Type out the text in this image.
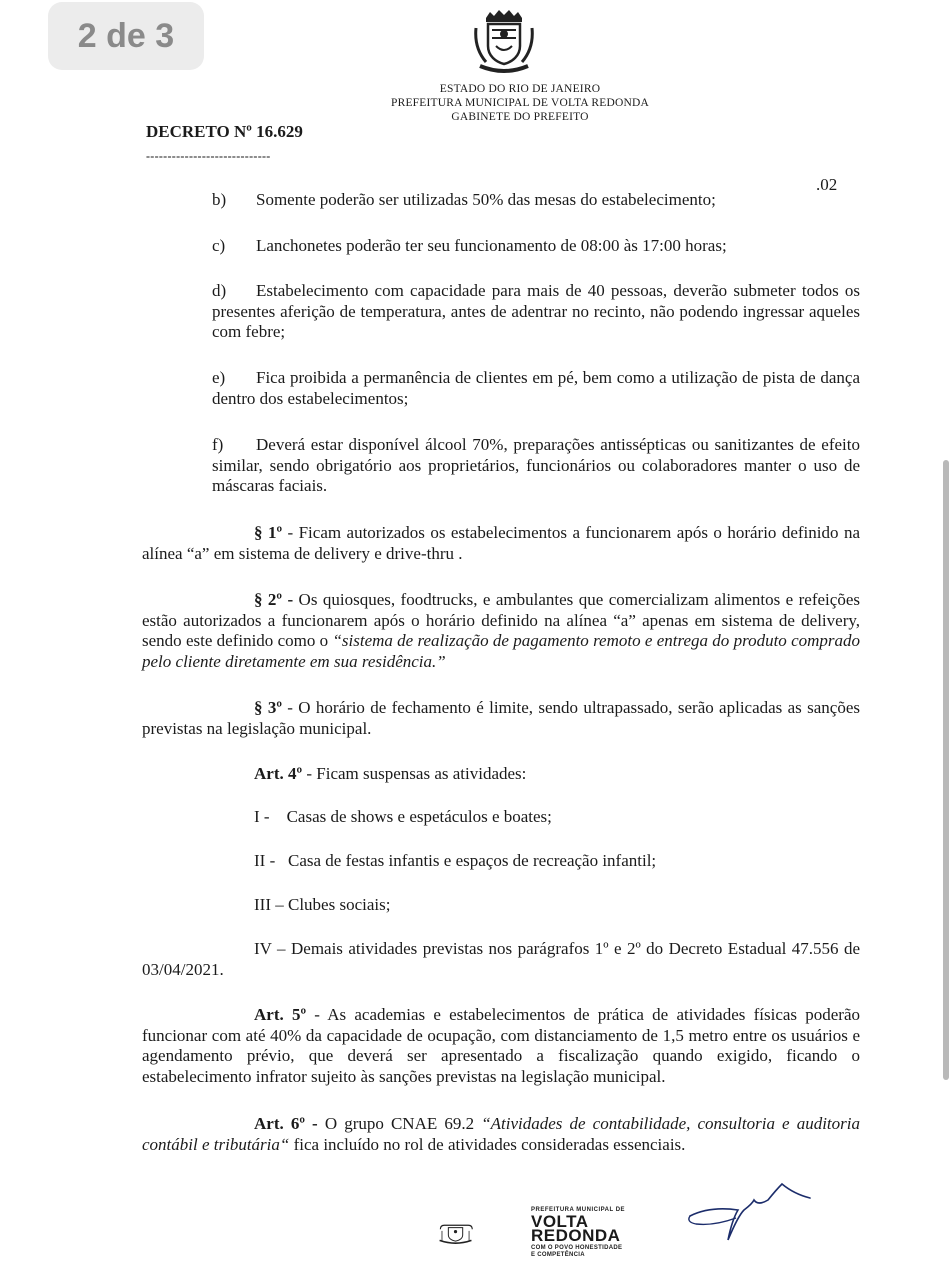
2 de 3
ESTADO DO RIO DE JANEIRO
PREFEITURA MUNICIPAL DE VOLTA REDONDA
GABINETE DO PREFEITO
DECRETO Nº 16.629
-----------------------------
.02
b) Somente poderão ser utilizadas 50% das mesas do estabelecimento;
c) Lanchonetes poderão ter seu funcionamento de 08:00 às 17:00 horas;
d) Estabelecimento com capacidade para mais de 40 pessoas, deverão submeter todos os presentes aferição de temperatura, antes de adentrar no recinto, não podendo ingressar aqueles com febre;
e) Fica proibida a permanência de clientes em pé, bem como a utilização de pista de dança dentro dos estabelecimentos;
f) Deverá estar disponível álcool 70%, preparações antissépticas ou sanitizantes de efeito similar, sendo obrigatório aos proprietários, funcionários ou colaboradores manter o uso de máscaras faciais.
§ 1º - Ficam autorizados os estabelecimentos a funcionarem após o horário definido na alínea “a” em sistema de delivery e drive-thru .
§ 2º - Os quiosques, foodtrucks, e ambulantes que comercializam alimentos e refeições estão autorizados a funcionarem após o horário definido na alínea “a” apenas em sistema de delivery, sendo este definido como o “sistema de realização de pagamento remoto e entrega do produto comprado pelo cliente diretamente em sua residência.”
§ 3º - O horário de fechamento é limite, sendo ultrapassado, serão aplicadas as sanções previstas na legislação municipal.
Art. 4º - Ficam suspensas as atividades:
I -    Casas de shows e espetáculos e boates;
II -   Casa de festas infantis e espaços de recreação infantil;
III – Clubes sociais;
IV – Demais atividades previstas nos parágrafos 1º e 2º do Decreto Estadual 47.556 de 03/04/2021.
Art. 5º - As academias e estabelecimentos de prática de atividades físicas poderão funcionar com até 40% da capacidade de ocupação, com distanciamento de 1,5 metro entre os usuários e agendamento prévio, que deverá ser apresentado a fiscalização quando exigido, ficando o estabelecimento infrator sujeito às sanções previstas na legislação municipal.
Art. 6º - O grupo CNAE 69.2 “Atividades de contabilidade, consultoria e auditoria contábil e tributária“ fica incluído no rol de atividades consideradas essenciais.
PREFEITURA MUNICIPAL DE
VOLTA
REDONDA
COM O POVO HONESTIDADE
E COMPETÊNCIA
